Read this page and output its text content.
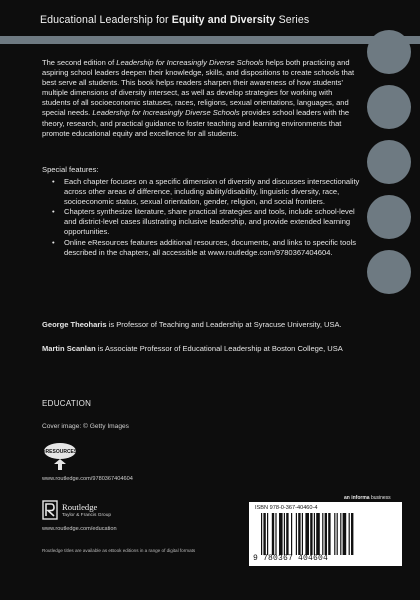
Educational Leadership for Equity and Diversity Series
The second edition of Leadership for Increasingly Diverse Schools helps both practicing and aspiring school leaders deepen their knowledge, skills, and dispositions to create schools that best serve all students. This book helps readers sharpen their awareness of how students’ multiple dimensions of diversity intersect, as well as develop strategies for working with students of all socioeconomic statuses, races, religions, sexual orientations, languages, and special needs. Leadership for Increasingly Diverse Schools provides school leaders with the theory, research, and practical guidance to foster teaching and learning environments that promote educational equity and excellence for all students.
Special features:
• Each chapter focuses on a specific dimension of diversity and discusses intersectionality across other areas of difference, including ability/disability, linguistic diversity, race, socioeconomic status, sexual orientation, gender, religion, and social frontiers.
• Chapters synthesize literature, share practical strategies and tools, include school-level and district-level cases illustrating inclusive leadership, and provide extended learning opportunities.
• Online eResources features additional resources, documents, and links to specific tools described in the chapters, all accessible at www.routledge.com/9780367404604.
George Theoharis is Professor of Teaching and Leadership at Syracuse University, USA.
Martin Scanlan is Associate Professor of Educational Leadership at Boston College, USA
EDUCATION
Cover image: © Getty Images
eRESOURCES
www.routledge.com/9780367404604
Routledge
Taylor & Francis Group
www.routledge.com/education
Routledge titles are available as eBook editions in a range of digital formats
an informa business
ISBN 978-0-367-40460-4
9 780367 404604
